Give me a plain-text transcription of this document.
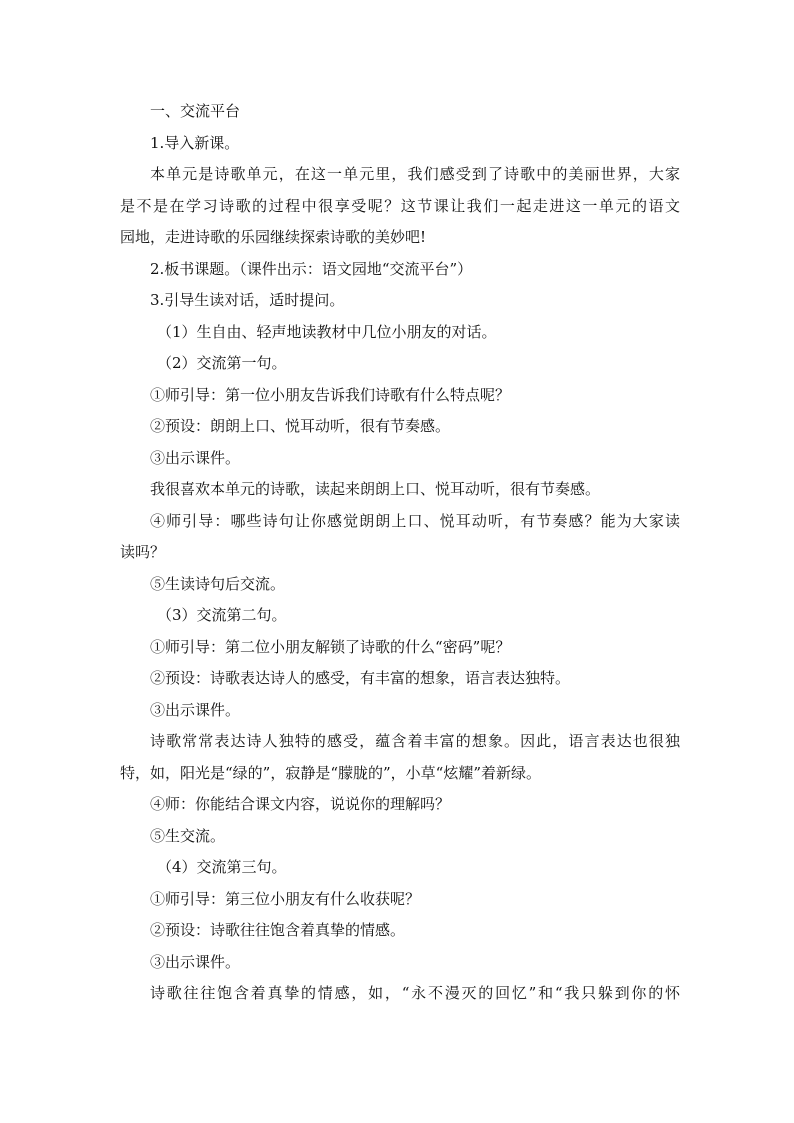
一、交流平台
1.导入新课。
本单元是诗歌单元，在这一单元里，我们感受到了诗歌中的美丽世界，大家
是不是在学习诗歌的过程中很享受呢？这节课让我们一起走进这一单元的语文
园地，走进诗歌的乐园继续探索诗歌的美妙吧!
2.板书课题。（课件出示：语文园地“交流平台”）
3.引导生读对话，适时提问。
（1）生自由、轻声地读教材中几位小朋友的对话。
（2）交流第一句。
①师引导：第一位小朋友告诉我们诗歌有什么特点呢？
②预设：朗朗上口、悦耳动听，很有节奏感。
③出示课件。
我很喜欢本单元的诗歌，读起来朗朗上口、悦耳动听，很有节奏感。
④师引导：哪些诗句让你感觉朗朗上口、悦耳动听，有节奏感？能为大家读
读吗？
⑤生读诗句后交流。
（3）交流第二句。
①师引导：第二位小朋友解锁了诗歌的什么“密码”呢？
②预设：诗歌表达诗人的感受，有丰富的想象，语言表达独特。
③出示课件。
诗歌常常表达诗人独特的感受，蕴含着丰富的想象。因此，语言表达也很独
特，如，阳光是“绿的”，寂静是“朦胧的”，小草“炫耀”着新绿。
④师：你能结合课文内容，说说你的理解吗？
⑤生交流。
（4）交流第三句。
①师引导：第三位小朋友有什么收获呢？
②预设：诗歌往往饱含着真挚的情感。
③出示课件。
诗歌往往饱含着真挚的情感，如，“永不漫灭的回忆”和“我只躲到你的怀
